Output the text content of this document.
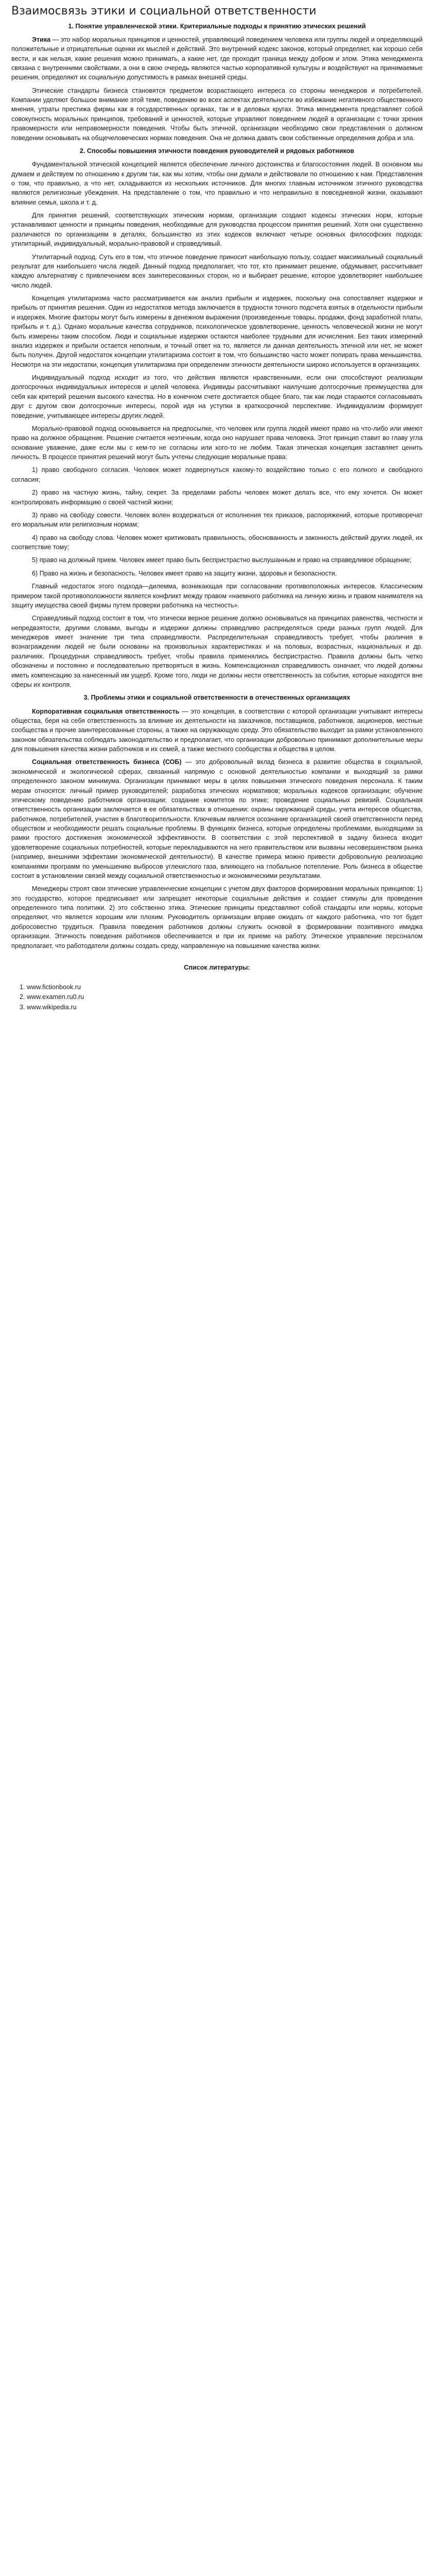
Взаимосвязь этики и социальной ответственности
1. Понятие управленческой этики. Критериальные подходы к принятию этических решений

Этика — это набор моральных принципов и ценностей, управляющий поведением человека или группы людей и определяющий положительные и отрицательные оценки их мыслей и действий. Это внутренний кодекс законов, который определяет, как хорошо себя вести, и как нельзя, какие решения можно принимать, а какие нет, где проходит граница между добром и злом. Этика менеджмента связана с внутренними свойствами, а они в свою очередь являются частью корпоративной культуры и воздействуют на принимаемые решения, определяют их социальную допустимость в рамках внешней среды.

Этические стандарты бизнеса становятся предметом возрастающего интереса со стороны менеджеров и потребителей. Компании уделяют большое внимание этой теме, поведению во всех аспектах деятельности во избежание негативного общественного мнения, утраты престижа фирмы как в государственных органах, так и в деловых кругах. Этика менеджмента представляет собой совокупность моральных принципов, требований и ценностей, которые управляют поведением людей в организации с точки зрения правомерности или неправомерности поведения. Чтобы быть этичной, организации необходимо свои представления о должном поведении основывать на общечеловеческих нормах поведения. Она не должна давать свои собственные определения добра и зла.

2. Способы повышения этичности поведения руководителей и рядовых работников

Фундаментальной этической концепцией является обеспечение личного достоинства и благосостояния людей. В основном мы думаем и действуем по отношению к другим так, как мы хотим, чтобы они думали и действовали по отношению к нам. Представления о том, что правильно, а что нет, складываются из нескольких источников. Для многих главным источником этичного руководства являются религиозные убеждения. На представление о том, что правильно и что неправильно в повседневной жизни, оказывают влияние семья, школа и т. д.

Для принятия решений, соответствующих этическим нормам, организации создают кодексы этических норм, которые устанавливают ценности и принципы поведения, необходимые для руководства процессом принятия решений. Хотя они существенно различаются по организациям в деталях, большинство из этих кодексов включают четыре основных философских подхода: утилитарный, индивидуальный, морально-правовой и справедливый.

Утилитарный подход. Суть его в том, что этичное поведение приносит наибольшую пользу, создает максимальный социальный результат для наибольшего числа людей. Данный подход предполагает, что тот, кто принимает решение, обдумывает, рассчитывает каждую альтернативу с привлечением всех заинтересованных сторон, но и выбирает решение, которое удовлетворяет наибольшее число людей.

Концепция утилитаризма часто рассматривается как анализ прибыли и издержек, поскольку она сопоставляет издержки и прибыль от принятия решения. Один из недостатков метода заключается в трудности точного подсчета взятых в отдельности прибыли и издержек. Многие факторы могут быть измерены в денежном выражении (произведенные товары, продажи, фонд заработной платы, прибыль и т. д.). Однако моральные качества сотрудников, психологическое удовлетворение, ценность человеческой жизни не могут быть измерены таким способом. Люди и социальные издержки остаются наиболее трудными для исчисления. Без таких измерений анализ издержек и прибыли остается неполным, и точный ответ на то, является ли данная деятельность этичной или нет, не может быть получен. Другой недостаток концепции утилитаризма состоит в том, что большинство часто может попирать права меньшинства. Несмотря на эти недостатки, концепция утилитаризма при определении этичности деятельности широко используется в организациях.

Индивидуальный подход исходит из того, что действия являются нравственными, если они способствуют реализации долгосрочных индивидуальных интересов и целей человека. Индивиды рассчитывают наилучшие долгосрочные преимущества для себя как критерий решения высокого качества. Но в конечном счете достигается общее благо, так как люди стараются согласовывать друг с другом свои долгосрочные интересы, порой идя на уступки в краткосрочной перспективе. Индивидуализм формирует поведение, учитывающее интересы других людей.

Морально-правовой подход основывается на предпосылке, что человек или группа людей имеют право на что-либо или имеют право на должное обращение. Решение считается неэтичным, когда оно нарушает права человека. Этот принцип ставит во главу угла основание уважение, даже если мы с кем-то не согласны или кого-то не любим. Такая этическая концепция заставляет ценить личность. В процессе принятия решений могут быть учтены следующие моральные права:

1) право свободного согласия. Человек может подвергнуться какому-то воздействию только с его полного и свободного согласия;

2) право на частную жизнь, тайну, секрет. За пределами работы человек может делать все, что ему хочется. Он может контролировать информацию о своей частной жизни;

3) право на свободу совести. Человек волен воздержаться от исполнения тех приказов, распоряжений, которые противоречат его моральным или религиозным нормам;

4) право на свободу слова. Человек может критиковать правильность, обоснованность и законность действий других людей, их соответствие тому;

5) право на должный прием. Человек имеет право быть беспристрастно выслушанным и право на справедливое обращение;

6) Право на жизнь и безопасность. Человек имеет право на защиту жизни, здоровья и безопасности.

Главный недостаток этого подхода—дилемма, возникающая при согласовании противоположных интересов. Классическим примером такой противоположности является конфликт между правом «наемного работника на личную жизнь и правом нанимателя на защиту имущества своей фирмы путем проверки работника на честность».

Справедливый подход состоит в том, что этически верное решение должно основываться на принципах равенства, честности и непредвзятости, другими словами, выгоды и издержки должны справедливо распределяться среди разных групп людей. Для менеджеров имеет значение три типа справедливости. Распределительная справедливость требует, чтобы различия в вознаграждении людей не были основаны на произвольных характеристиках и на половых, возрастных, национальных и др. различиях. Процедурная справедливость требует, чтобы правила применялись беспристрастно. Правила должны быть четко обозначены и постоянно и последовательно претворяться в жизнь. Компенсационная справедливость означает, что людей должны иметь компенсацию за нанесенный им ущерб. Кроме того, люди не должны нести ответственность за события, которые находятся вне сферы их контроля.

3. Проблемы этики и социальной ответственности в отечественных организациях

Корпоративная социальная ответственность — это концепция, в соответствии с которой организации учитывают интересы общества, беря на себя ответственность за влияние их деятельности на заказчиков, поставщиков, работников, акционеров, местные сообщества и прочие заинтересованные стороны, а также на окружающую среду. Это обязательство выходит за рамки установленного законом обязательства соблюдать законодательство и предполагает, что организации добровольно принимают дополнительные меры для повышения качества жизни работников и их семей, а также местного сообщества и общества в целом.

Социальная ответственность бизнеса (СОБ) — это добровольный вклад бизнеса в развитие общества в социальной, экономической и экологической сферах, связанный напрямую с основной деятельностью компании и выходящий за рамки определенного законом минимума. Организации принимают меры в целях повышения этического поведения персонала. К таким мерам относятся: личный пример руководителей; разработка этических нормативов; моральных кодексов организации; обучение этическому поведению работников организации; создание комитетов по этике; проведение социальных ревизий. Социальная ответственность организации заключается в ее обязательствах в отношении: охраны окружающей среды, учета интересов общества, работников, потребителей, участия в благотворительности. Ключевым является осознание организацией своей ответственности перед обществом и необходимости решать социальные проблемы. В функциях бизнеса, которые определены проблемами, выходящими за рамки простого достижения экономической эффективности. В соответствии с этой перспективой в задачу бизнеса входит удовлетворение социальных потребностей, которые перекладываются на него правительством или вызваны несовершенством рынка (например, внешними эффектами экономической деятельности). В качестве примера можно привести добровольную реализацию компаниями программ по уменьшению выбросов углекислого газа, влияющего на глобальное потепление. Роль бизнеса в обществе состоит в установлении связей между социальной ответственностью и экономическими результатами.

Менеджеры строят свои этические управленческие концепции с учетом двух факторов формирования моральных принципов: 1) это государство, которое предписывает или запрещает некоторые социальные действия и создает стимулы для проведения определенного типа политики. 2) это собственно этика. Этические принципы представляют собой стандарты или нормы, которые определяют, что является хорошим или плохим. Руководитель организации вправе ожидать от каждого работника, что тот будет добросовестно трудиться. Правила поведения работников должны служить основой в формировании позитивного имиджа организации. Этичность поведения работников обеспечивается и при их приеме на работу. Этическое управление персоналом предполагает, что работодатели должны создать среду, направленную на повышение качества жизни.

Список литературы:
1. www.fictionbook.ru
2. www.examen.ru0.ru
3. www.wikipedia.ru
